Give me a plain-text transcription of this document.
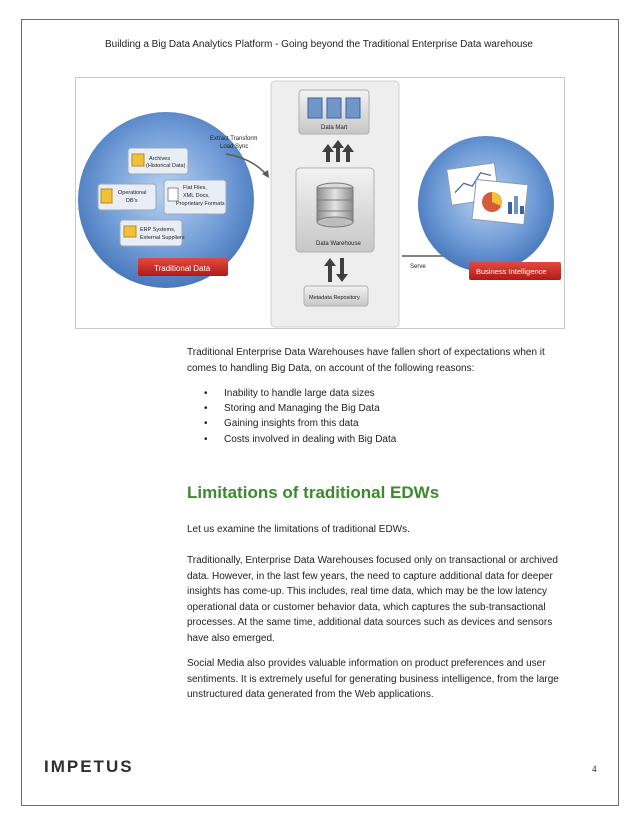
Building a Big Data Analytics Platform - Going beyond the Traditional Enterprise Data warehouse
Archives
(Historical Data)
Operational
DB's
Flat Files,
XML Docs,
Proprietary Formats
ERP Systems,
External Suppliers
Traditional Data
Extract Transform
Load Sync
Data Mart
Data Warehouse
Metadata Repository
Serve	Business Intelligence

Traditional Enterprise Data Warehouses have fallen short of expectations when it comes to handling Big Data, on account of the following reasons:

• Inability to handle large data sizes
• Storing and Managing the Big Data
• Gaining insights from this data
• Costs involved in dealing with Big Data
Limitations of traditional EDWs

Let us examine the limitations of traditional EDWs.

Traditionally, Enterprise Data Warehouses focused only on transactional or archived data. However, in the last few years, the need to capture additional data for deeper insights has come-up. This includes, real time data, which may be the low latency operational data or customer behavior data, which captures the sub-transactional processes. At the same time, additional data sources such as devices and sensors have also emerged.

Social Media also provides valuable information on product preferences and user sentiments. It is extremely useful for generating business intelligence, from the large unstructured data generated from the Web applications.

IMPETUS	4
